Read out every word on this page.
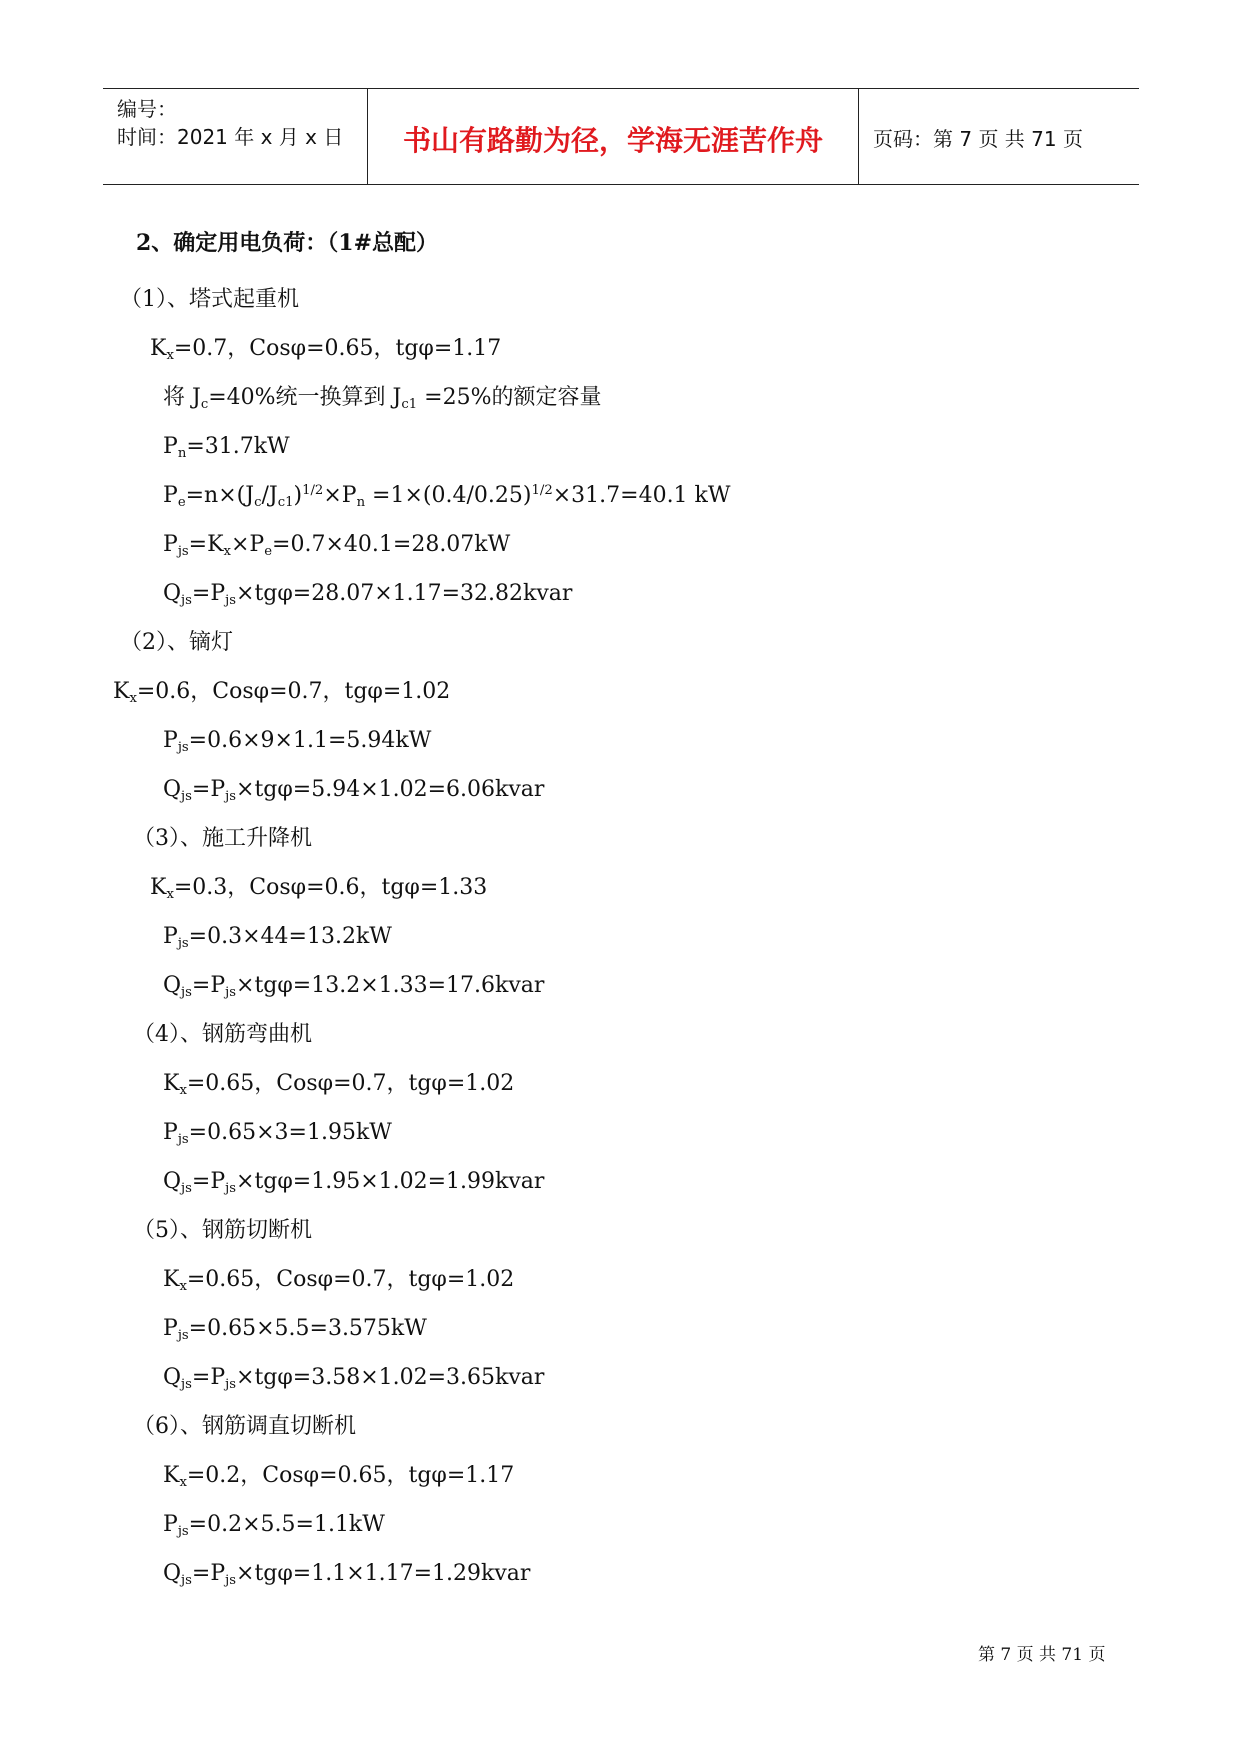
编号：
时间：2021 年 x 月 x 日	书山有路勤为径，学海无涯苦作舟	页码：第 7 页 共 71 页
2、确定用电负荷：（1#总配）
（1）、塔式起重机
$K_x=0.7$，Cosφ=0.65，tgφ=1.17
将 $J_c=40\%$统一换算到 $J_{c1} =25\%$的额定容量
$P_n=31.7kW$
$P_e=n\times(J_c/J_{c1})^{1/2}\times P_n =1\times(0.4/0.25)^{1/2}\times 31.7=40.1$ kW
$P_{js}=K_x\times P_e=0.7\times 40.1=28.07kW$
$Q_{js}=P_{js}\times tg\varphi=28.07\times 1.17=32.82kvar$
（2）、镝灯
$K_x=0.6$，Cosφ=0.7，tgφ=1.02
$P_{js}=0.6\times 9\times 1.1=5.94kW$
$Q_{js}=P_{js}\times tg\varphi=5.94\times 1.02=6.06kvar$
（3）、施工升降机
$K_x=0.3$，Cosφ=0.6，tgφ=1.33
$P_{js}=0.3\times 44=13.2kW$
$Q_{js}=P_{js}\times tg\varphi=13.2\times 1.33=17.6kvar$
（4）、钢筋弯曲机
$K_x=0.65$，Cosφ=0.7，tgφ=1.02
$P_{js}=0.65\times 3=1.95kW$
$Q_{js}=P_{js}\times tg\varphi=1.95\times 1.02=1.99kvar$
（5）、钢筋切断机
$K_x=0.65$，Cosφ=0.7，tgφ=1.02
$P_{js}=0.65\times 5.5=3.575kW$
$Q_{js}=P_{js}\times tg\varphi=3.58\times 1.02=3.65kvar$
（6）、钢筋调直切断机
$K_x=0.2$，Cosφ=0.65，tgφ=1.17
$P_{js}=0.2\times 5.5=1.1kW$
$Q_{js}=P_{js}\times tg\varphi=1.1\times 1.17=1.29kvar$
第 7 页 共 71 页
